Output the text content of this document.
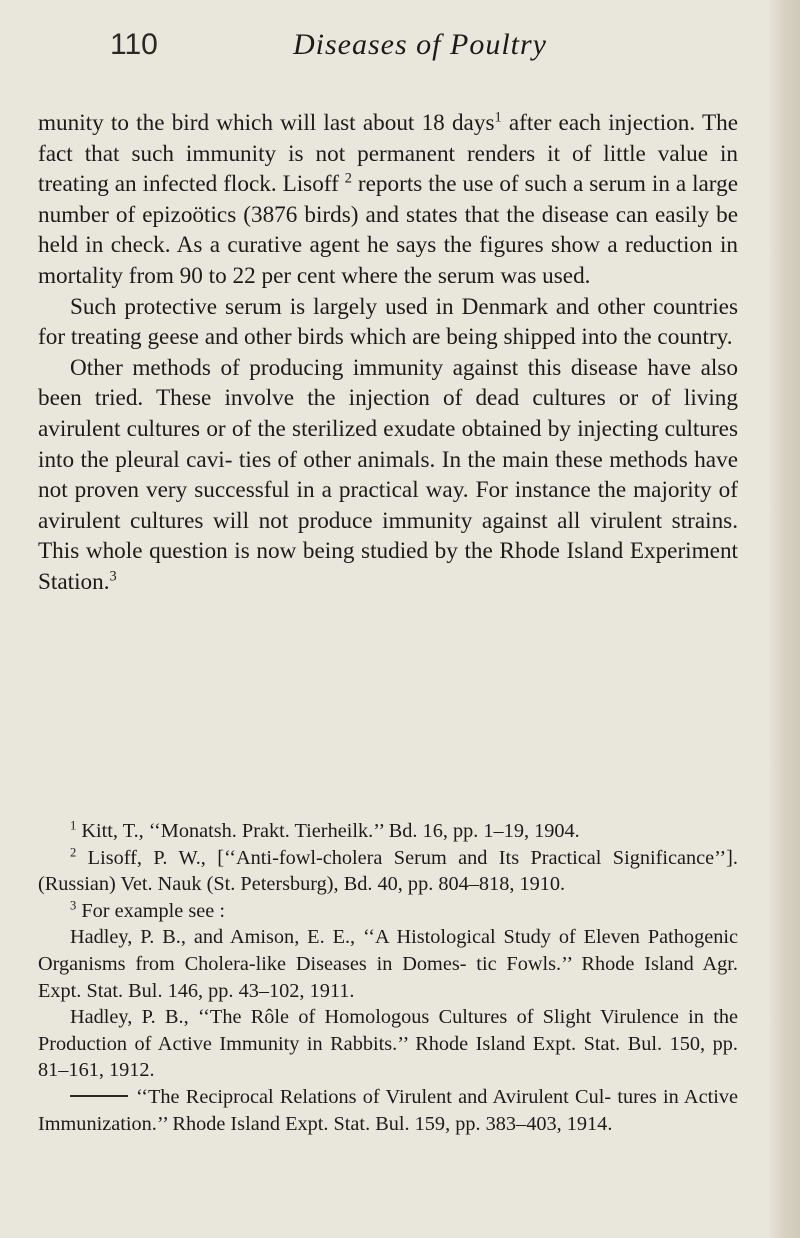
110	Diseases of Poultry

munity to the bird which will last about 18 days$^1$ after each injection. The fact that such immunity is not permanent renders it of little value in treating an infected flock. Lisoff $^2$ reports the use of such a serum in a large number of epizoötics (3876 birds) and states that the disease can easily be held in check. As a curative agent he says the figures show a reduction in mortality from 90 to 22 per cent where the serum was used.

Such protective serum is largely used in Denmark and other countries for treating geese and other birds which are being shipped into the country.

Other methods of producing immunity against this disease have also been tried. These involve the injection of dead cultures or of living avirulent cultures or of the sterilized exudate obtained by injecting cultures into the pleural cavi- ties of other animals. In the main these methods have not proven very successful in a practical way. For instance the majority of avirulent cultures will not produce immunity against all virulent strains. This whole question is now being studied by the Rhode Island Experiment Station.$^3$

$^1$ Kitt, T., ‘‘Monatsh. Prakt. Tierheilk.’’ Bd. 16, pp. 1–19, 1904.

$^2$ Lisoff, P. W., [‘‘Anti-fowl-cholera Serum and Its Practical Significance’’]. (Russian) Vet. Nauk (St. Petersburg), Bd. 40, pp. 804–818, 1910.

$^3$ For example see :

Hadley, P. B., and Amison, E. E., ‘‘A Histological Study of Eleven Pathogenic Organisms from Cholera-like Diseases in Domes- tic Fowls.’’ Rhode Island Agr. Expt. Stat. Bul. 146, pp. 43–102, 1911.

Hadley, P. B., ‘‘The Rôle of Homologous Cultures of Slight Virulence in the Production of Active Immunity in Rabbits.’’ Rhode Island Expt. Stat. Bul. 150, pp. 81–161, 1912.

‘‘The Reciprocal Relations of Virulent and Avirulent Cul- tures in Active Immunization.’’ Rhode Island Expt. Stat. Bul. 159, pp. 383–403, 1914.
